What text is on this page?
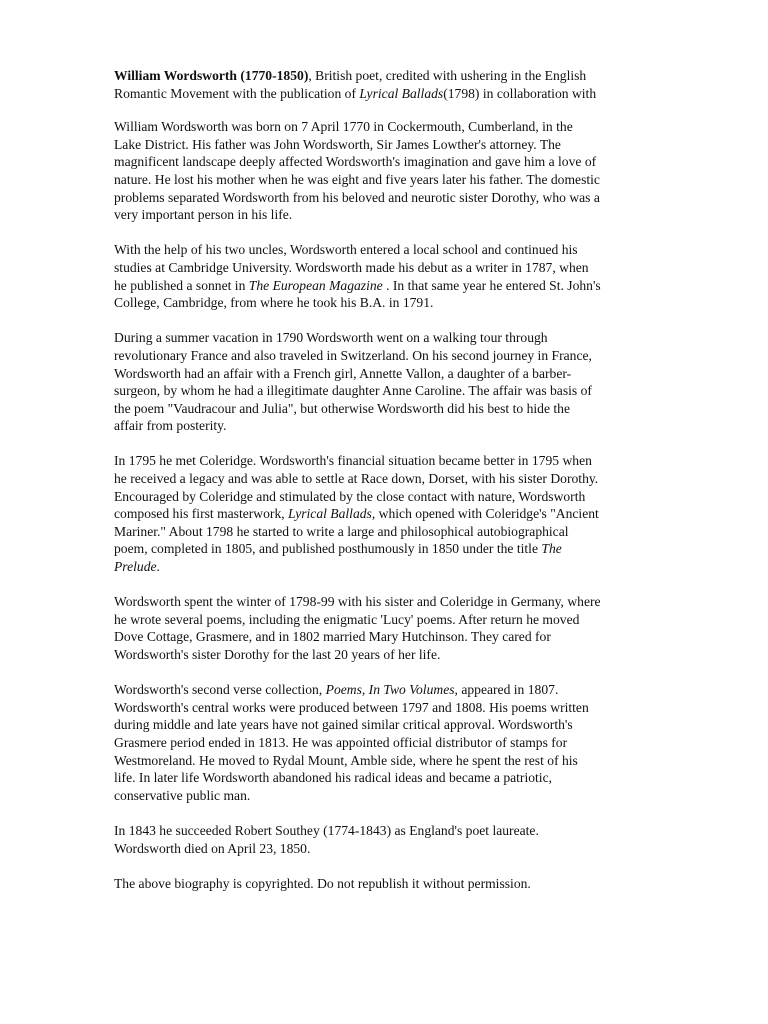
William Wordsworth (1770-1850), British poet, credited with ushering in the English
Romantic Movement with the publication of Lyrical Ballads(1798) in collaboration with

William Wordsworth was born on 7 April 1770 in Cockermouth, Cumberland, in the
Lake District. His father was John Wordsworth, Sir James Lowther's attorney. The
magnificent landscape deeply affected Wordsworth's imagination and gave him a love of
nature. He lost his mother when he was eight and five years later his father. The domestic
problems separated Wordsworth from his beloved and neurotic sister Dorothy, who was a
very important person in his life.

With the help of his two uncles, Wordsworth entered a local school and continued his
studies at Cambridge University. Wordsworth made his debut as a writer in 1787, when
he published a sonnet in The European Magazine . In that same year he entered St. John's
College, Cambridge, from where he took his B.A. in 1791.

During a summer vacation in 1790 Wordsworth went on a walking tour through
revolutionary France and also traveled in Switzerland. On his second journey in France,
Wordsworth had an affair with a French girl, Annette Vallon, a daughter of a barber-
surgeon, by whom he had a illegitimate daughter Anne Caroline. The affair was basis of
the poem "Vaudracour and Julia", but otherwise Wordsworth did his best to hide the
affair from posterity.

In 1795 he met Coleridge. Wordsworth's financial situation became better in 1795 when
he received a legacy and was able to settle at Race down, Dorset, with his sister Dorothy.
Encouraged by Coleridge and stimulated by the close contact with nature, Wordsworth
composed his first masterwork, Lyrical Ballads, which opened with Coleridge's "Ancient
Mariner." About 1798 he started to write a large and philosophical autobiographical
poem, completed in 1805, and published posthumously in 1850 under the title The
Prelude.

Wordsworth spent the winter of 1798-99 with his sister and Coleridge in Germany, where
he wrote several poems, including the enigmatic 'Lucy' poems. After return he moved
Dove Cottage, Grasmere, and in 1802 married Mary Hutchinson. They cared for
Wordsworth's sister Dorothy for the last 20 years of her life.

Wordsworth's second verse collection, Poems, In Two Volumes, appeared in 1807.
Wordsworth's central works were produced between 1797 and 1808. His poems written
during middle and late years have not gained similar critical approval. Wordsworth's
Grasmere period ended in 1813. He was appointed official distributor of stamps for
Westmoreland. He moved to Rydal Mount, Amble side, where he spent the rest of his
life. In later life Wordsworth abandoned his radical ideas and became a patriotic,
conservative public man.

In 1843 he succeeded Robert Southey (1774-1843) as England's poet laureate.
Wordsworth died on April 23, 1850.

The above biography is copyrighted. Do not republish it without permission.
